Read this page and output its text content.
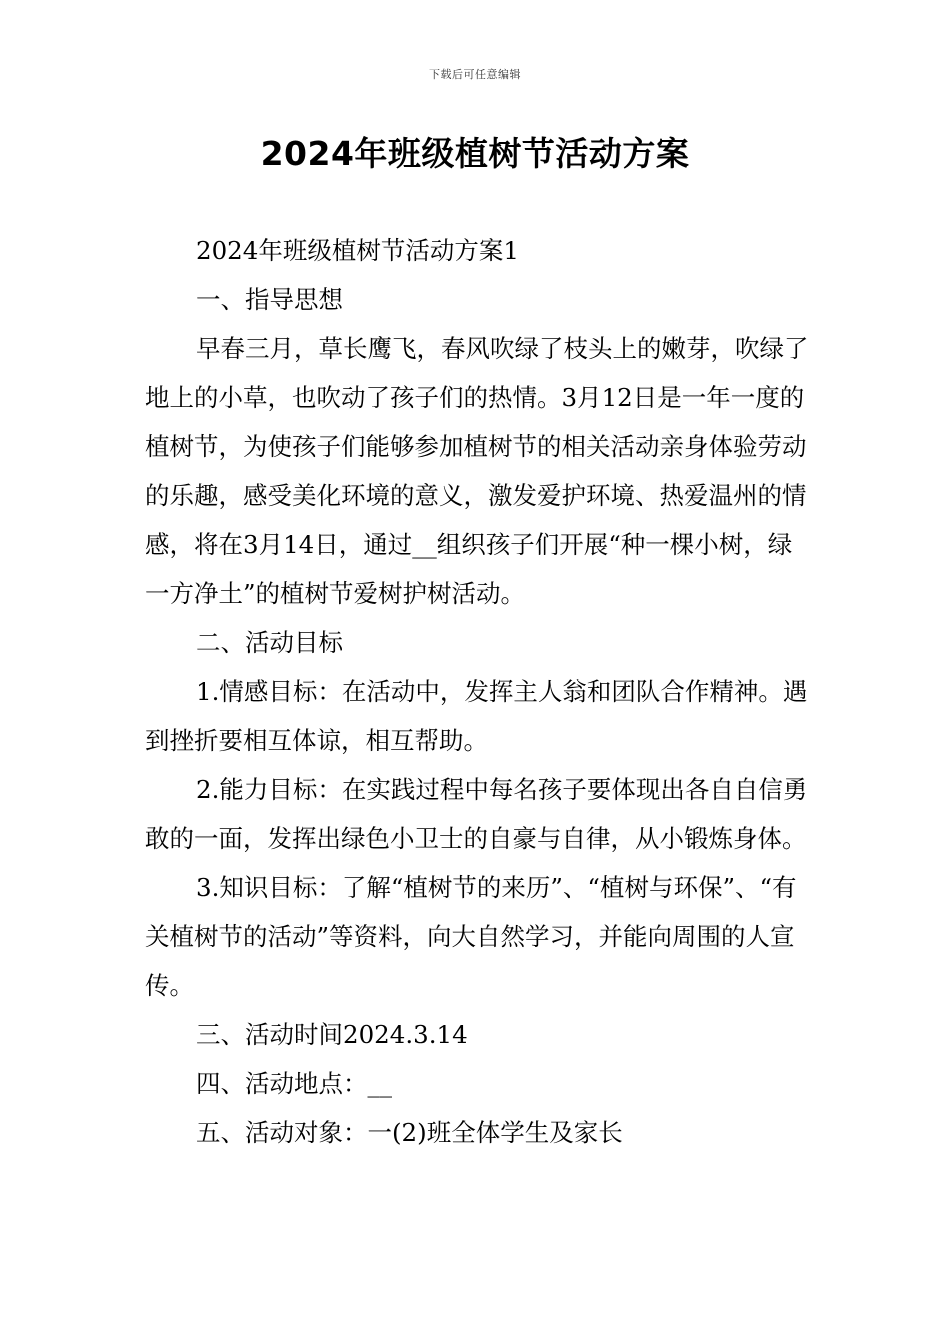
下载后可任意编辑
2024年班级植树节活动方案

2024年班级植树节活动方案1

一、指导思想

早春三月，草长鹰飞，春风吹绿了枝头上的嫩芽，吹绿了地上的小草，也吹动了孩子们的热情。3月12日是一年一度的植树节，为使孩子们能够参加植树节的相关活动亲身体验劳动的乐趣，感受美化环境的意义，激发爱护环境、热爱温州的情感，将在3月14日，通过__组织孩子们开展“种一棵小树，绿一方净土”的植树节爱树护树活动。

二、活动目标

1.情感目标：在活动中，发挥主人翁和团队合作精神。遇到挫折要相互体谅，相互帮助。

2.能力目标：在实践过程中每名孩子要体现出各自自信勇敢的一面，发挥出绿色小卫士的自豪与自律，从小锻炼身体。

3.知识目标：了解“植树节的来历”、“植树与环保”、“有关植树节的活动”等资料，向大自然学习，并能向周围的人宣传。

三、活动时间2024.3.14

四、活动地点：__

五、活动对象：一(2)班全体学生及家长
